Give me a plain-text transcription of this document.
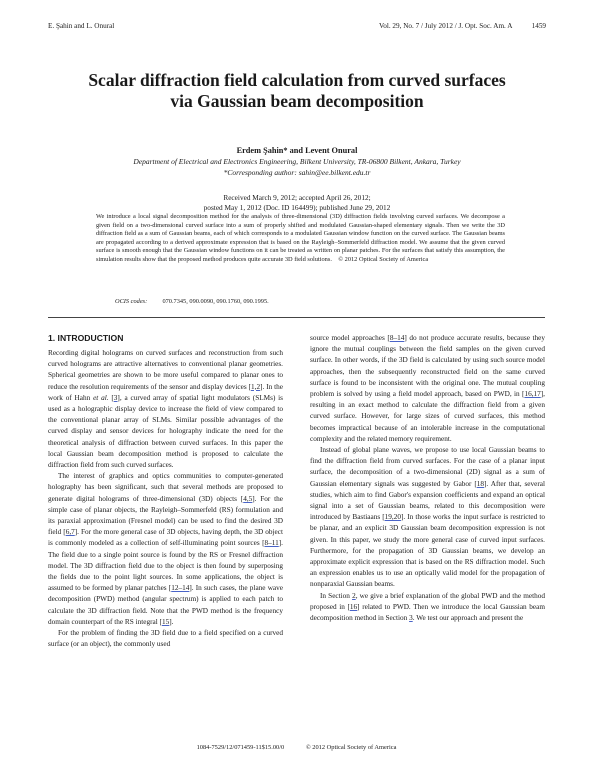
E. Şahin and L. Onural	Vol. 29, No. 7 / July 2012 / J. Opt. Soc. Am. A	1459
Scalar diffraction field calculation from curved surfaces
via Gaussian beam decomposition
Erdem Şahin* and Levent Onural
Department of Electrical and Electronics Engineering, Bilkent University, TR-06800 Bilkent, Ankara, Turkey
*Corresponding author: sahin@ee.bilkent.edu.tr
Received March 9, 2012; accepted April 26, 2012;
posted May 1, 2012 (Doc. ID 164499); published June 29, 2012
We introduce a local signal decomposition method for the analysis of three-dimensional (3D) diffraction fields involving curved surfaces. We decompose a given field on a two-dimensional curved surface into a sum of properly shifted and modulated Gaussian-shaped elementary signals. Then we write the 3D diffraction field as a sum of Gaussian beams, each of which corresponds to a modulated Gaussian window function on the curved surface. The Gaussian beams are propagated according to a derived approximate expression that is based on the Rayleigh–Sommerfeld diffraction model. We assume that the given curved surface is smooth enough that the Gaussian window functions on it can be treated as written on planar patches. For the surfaces that satisfy this assumption, the simulation results show that the proposed method produces quite accurate 3D field solutions. © 2012 Optical Society of America
OCIS codes: 070.7345, 090.0090, 090.1760, 090.1995.
1. INTRODUCTION

Recording digital holograms on curved surfaces and reconstruction from such curved holograms are attractive alternatives to conventional planar geometries. Spherical geometries are shown to be more useful compared to planar ones to reduce the resolution requirements of the sensor and display devices [1,2]. In the work of Hahn et al. [3], a curved array of spatial light modulators (SLMs) is used as a holographic display device to increase the field of view compared to the conventional planar array of SLMs. Similar possible advantages of the curved display and sensor devices for holography indicate the need for the theoretical analysis of diffraction between curved surfaces. In this paper the local Gaussian beam decomposition method is proposed to calculate the diffraction field from such curved surfaces.

The interest of graphics and optics communities to computer-generated holography has been significant, such that several methods are proposed to generate digital holograms of three-dimensional (3D) objects [4,5]. For the simple case of planar objects, the Rayleigh–Sommerfeld (RS) formulation and its paraxial approximation (Fresnel model) can be used to find the desired 3D field [6,7]. For the more general case of 3D objects, having depth, the 3D object is commonly modeled as a collection of self-illuminating point sources [8–11]. The field due to a single point source is found by the RS or Fresnel diffraction model. The 3D diffraction field due to the object is then found by superposing the fields due to the point light sources. In some applications, the object is assumed to be formed by planar patches [12–14]. In such cases, the plane wave decomposition (PWD) method (angular spectrum) is applied to each patch to calculate the 3D diffraction field. Note that the PWD method is the frequency domain counterpart of the RS integral [15].

For the problem of finding the 3D field due to a field specified on a curved surface (or an object), the commonly used

source model approaches [8–14] do not produce accurate results, because they ignore the mutual couplings between the field samples on the given curved surface. In other words, if the 3D field is calculated by using such source model approaches, then the subsequently reconstructed field on the same curved surface is found to be inconsistent with the original one. The mutual coupling problem is solved by using a field model approach, based on PWD, in [16,17], resulting in an exact method to calculate the diffraction field from a given curved surface. However, for large sizes of curved surfaces, this method becomes impractical because of an intolerable increase in the computational complexity and the related memory requirement.

Instead of global plane waves, we propose to use local Gaussian beams to find the diffraction field from curved surfaces. For the case of a planar input surface, the decomposition of a two-dimensional (2D) signal as a sum of Gaussian elementary signals was suggested by Gabor [18]. After that, several studies, which aim to find Gabor's expansion coefficients and expand an optical signal into a set of Gaussian beams, related to this decomposition were introduced by Bastiaans [19,20]. In those works the input surface is restricted to be planar, and an explicit 3D Gaussian beam decomposition expression is not given. In this paper, we study the more general case of curved input surfaces. Furthermore, for the propagation of 3D Gaussian beams, we develop an approximate explicit expression that is based on the RS diffraction model. Such an expression enables us to use an optically valid model for the propagation of nonparaxial Gaussian beams.

In Section 2, we give a brief explanation of the global PWD and the method proposed in [16] related to PWD. Then we introduce the local Gaussian beam decomposition method in Section 3. We test our approach and present the

1084-7529/12/071459-11$15.00/0	© 2012 Optical Society of America
